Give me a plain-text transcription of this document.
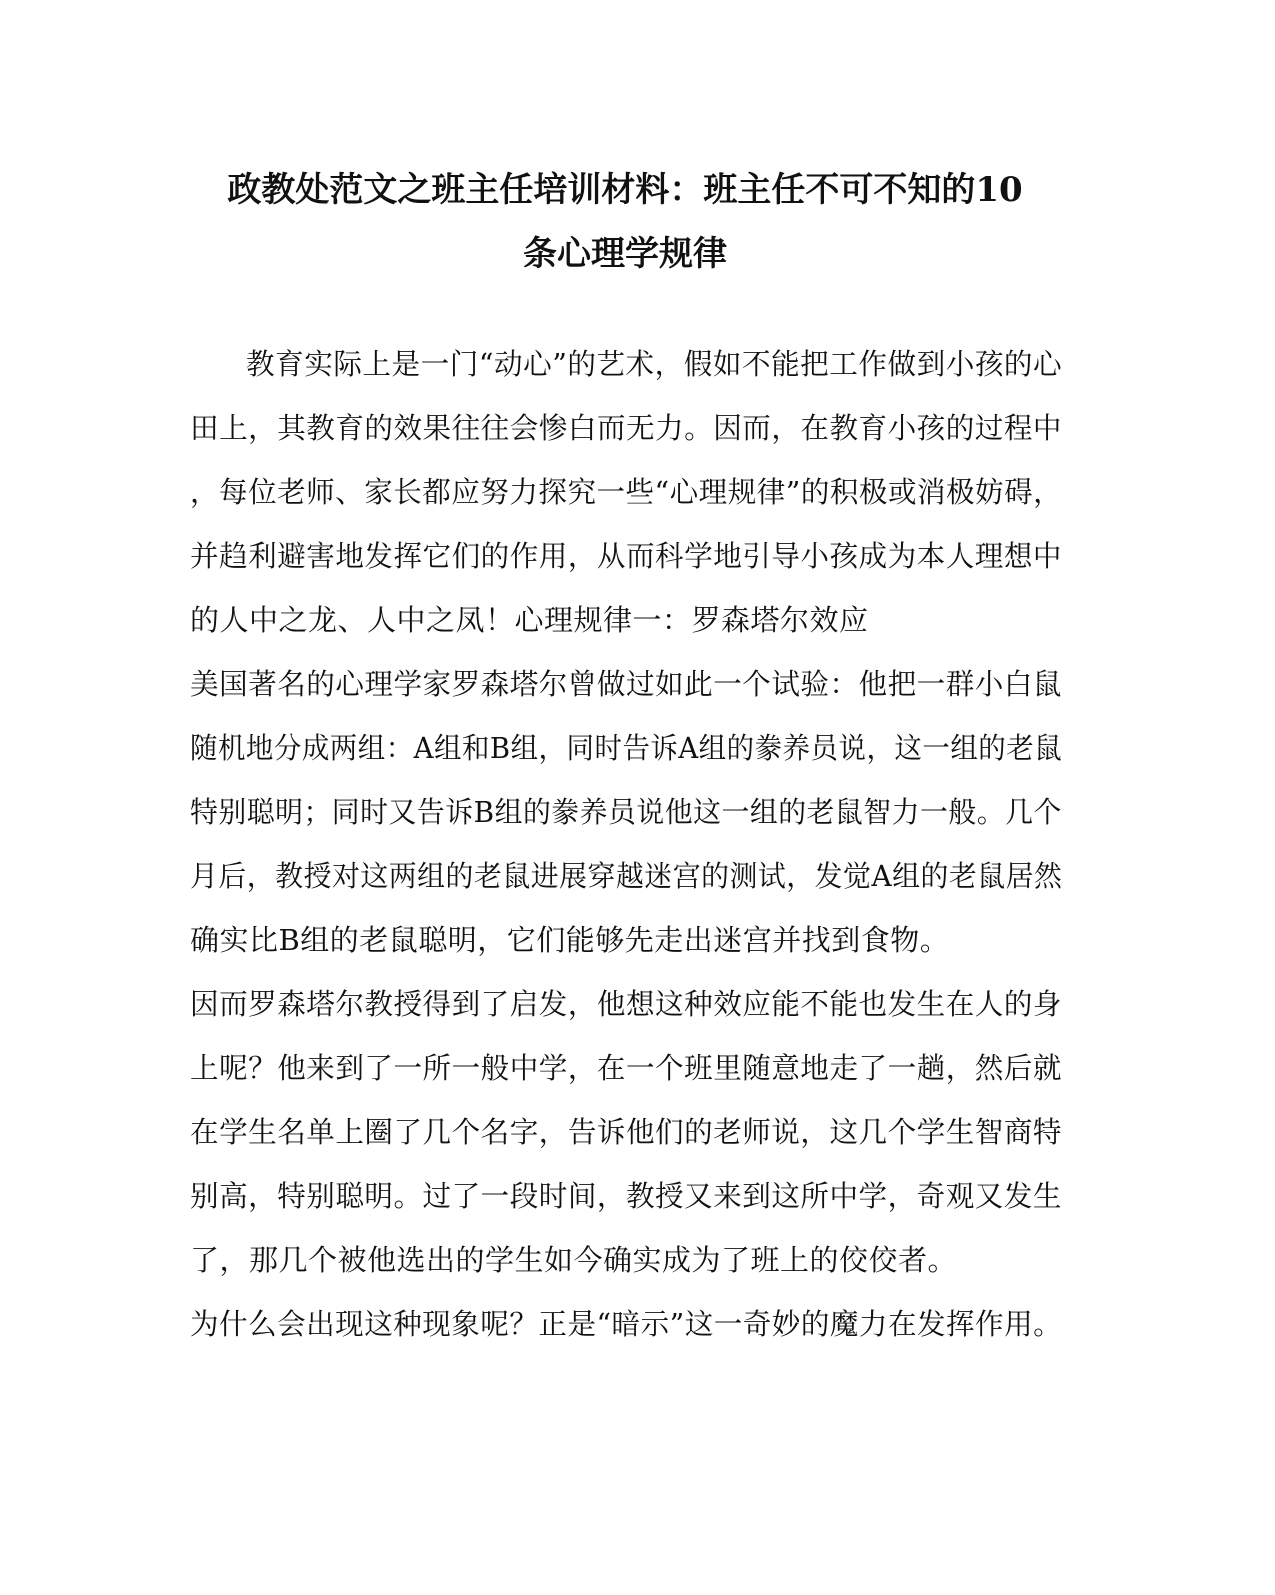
政教处范文之班主任培训材料：班主任不可不知的10
条心理学规律
教育实际上是一门“动心”的艺术，假如不能把工作做到小孩的心
田上，其教育的效果往往会惨白而无力。因而，在教育小孩的过程中
，每位老师、家长都应努力探究一些“心理规律”的积极或消极妨碍，
并趋利避害地发挥它们的作用，从而科学地引导小孩成为本人理想中
的人中之龙、人中之凤！心理规律一：罗森塔尔效应
美国著名的心理学家罗森塔尔曾做过如此一个试验：他把一群小白鼠
随机地分成两组：A组和B组，同时告诉A组的豢养员说，这一组的老鼠
特别聪明；同时又告诉B组的豢养员说他这一组的老鼠智力一般。几个
月后，教授对这两组的老鼠进展穿越迷宫的测试，发觉A组的老鼠居然
确实比B组的老鼠聪明，它们能够先走出迷宫并找到食物。
因而罗森塔尔教授得到了启发，他想这种效应能不能也发生在人的身
上呢？他来到了一所一般中学，在一个班里随意地走了一趟，然后就
在学生名单上圈了几个名字，告诉他们的老师说，这几个学生智商特
别高，特别聪明。过了一段时间，教授又来到这所中学，奇观又发生
了，那几个被他选出的学生如今确实成为了班上的佼佼者。
为什么会出现这种现象呢？正是“暗示”这一奇妙的魔力在发挥作用。
